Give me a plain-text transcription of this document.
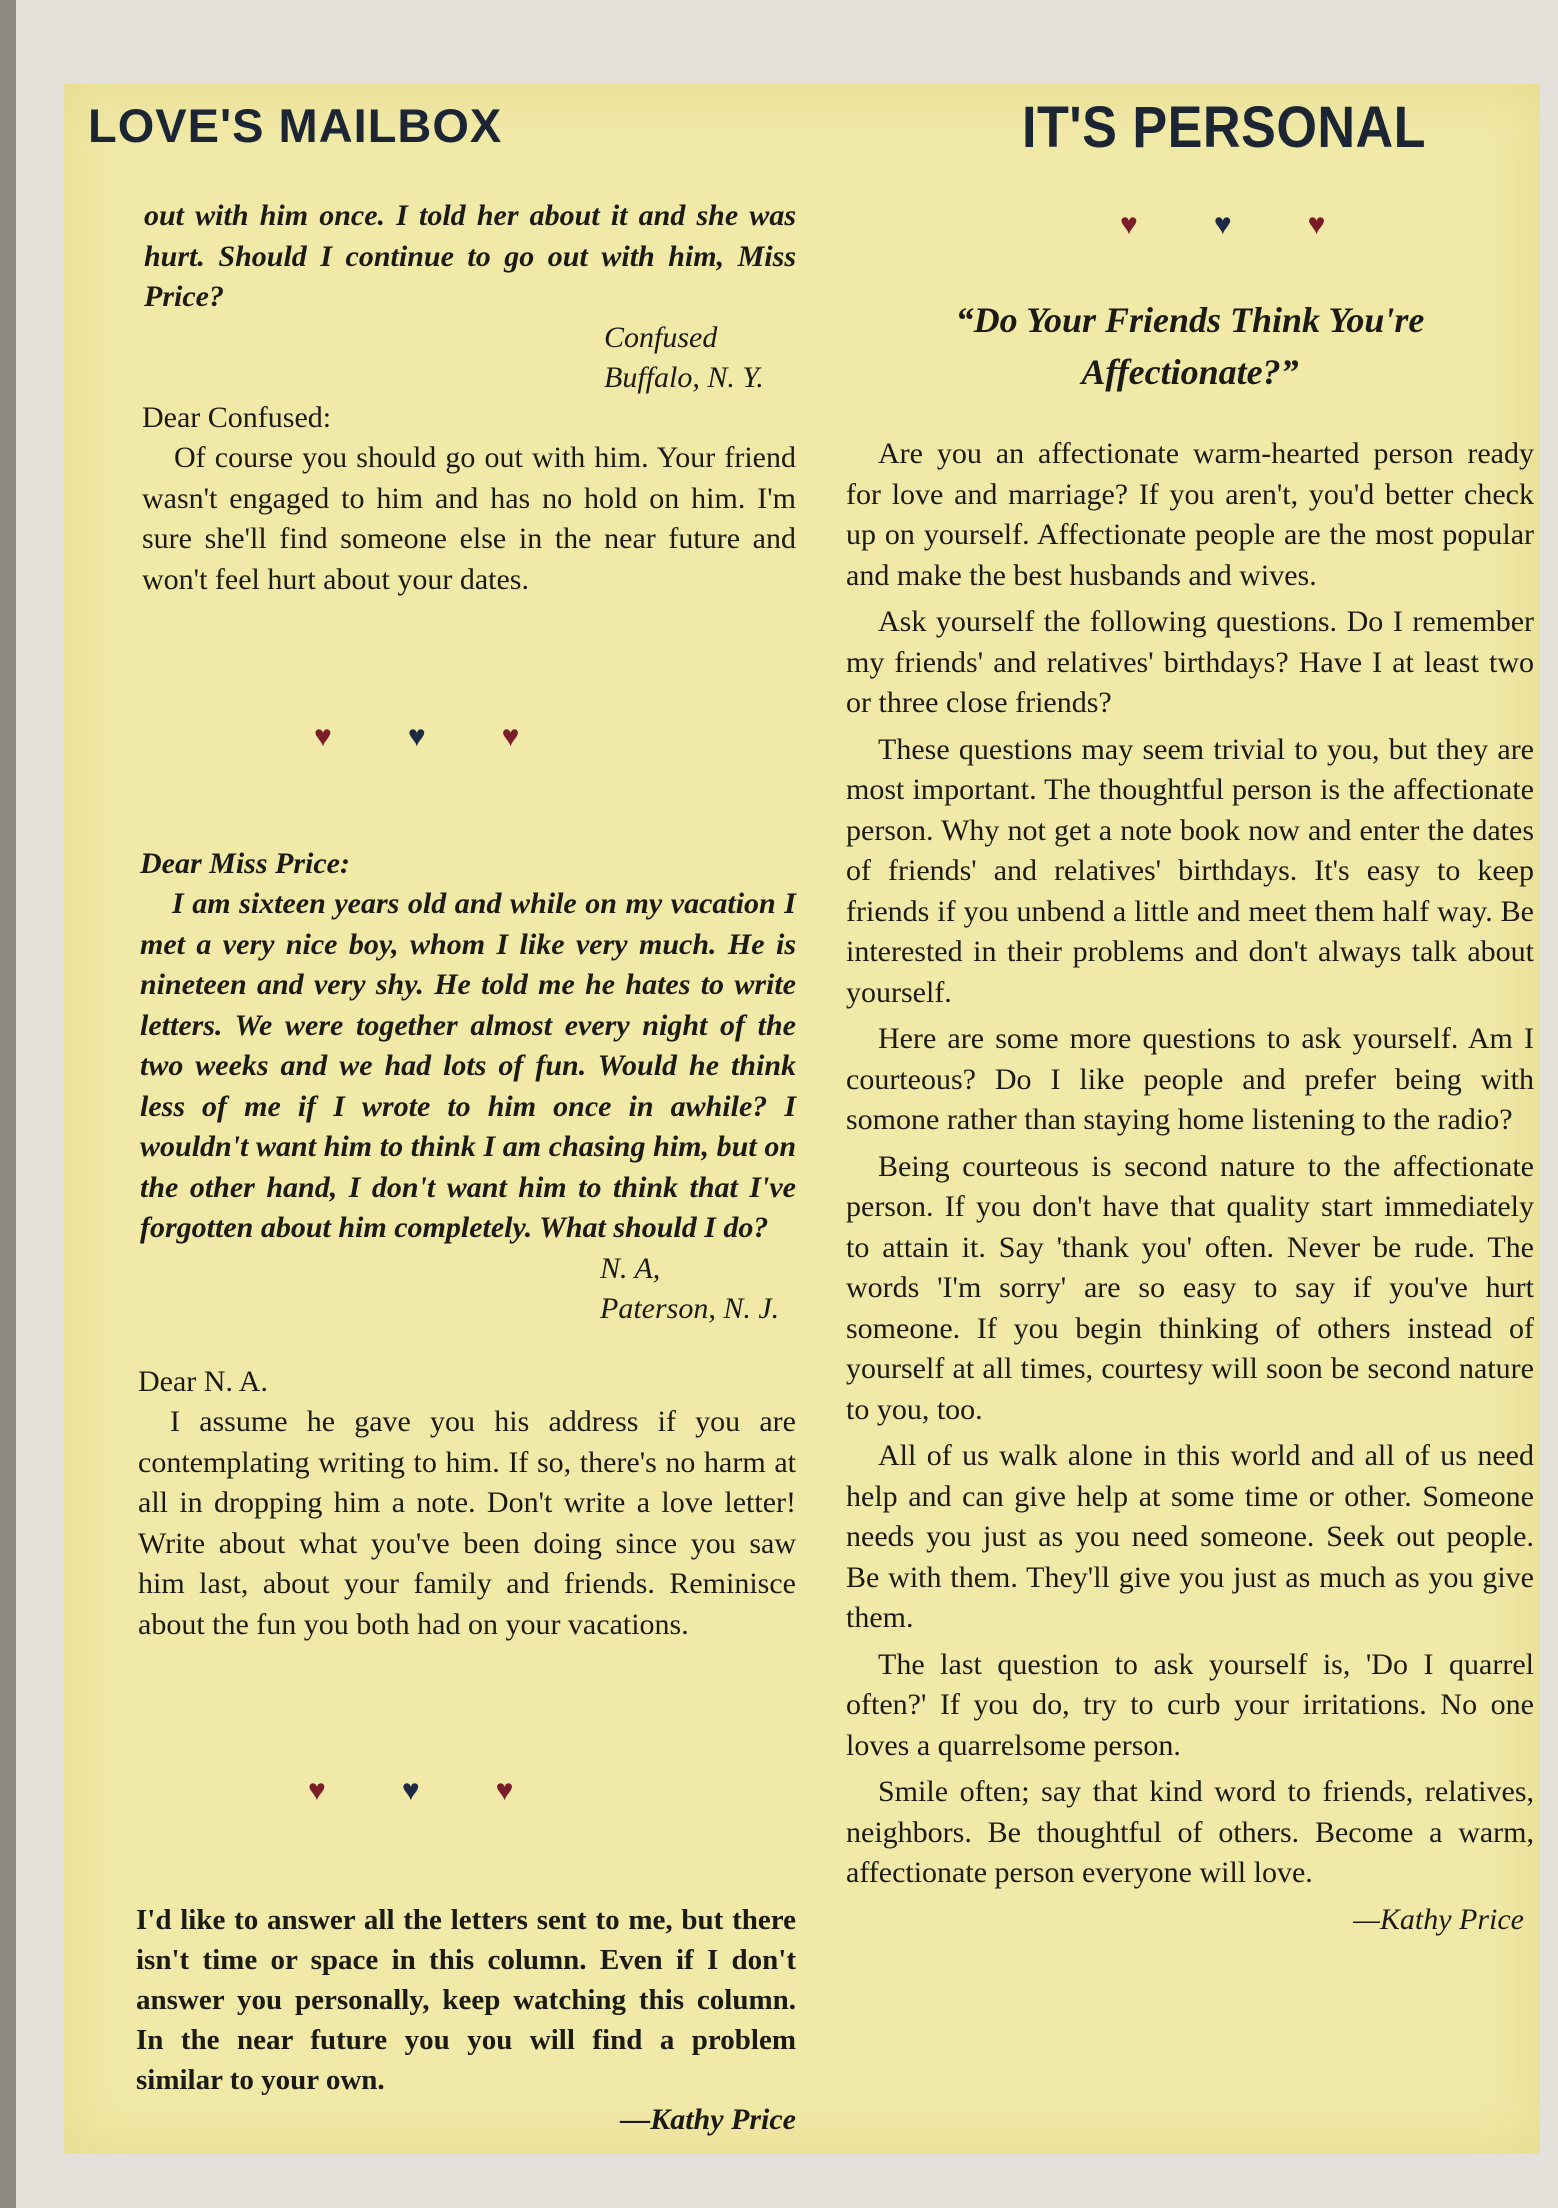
LOVE'S MAILBOX	IT'S PERSONAL

out with him once. I told her about it and she was hurt. Should I continue to go out with him, Miss Price?

Confused

Buffalo, N. Y.

Dear Confused:

Of course you should go out with him. Your friend wasn't engaged to him and has no hold on him. I'm sure she'll find someone else in the near future and won't feel hurt about your dates.

♥	♥	♥

Dear Miss Price:

I am sixteen years old and while on my vacation I met a very nice boy, whom I like very much. He is nineteen and very shy. He told me he hates to write letters. We were together almost every night of the two weeks and we had lots of fun. Would he think less of me if I wrote to him once in awhile? I wouldn't want him to think I am chasing him, but on the other hand, I don't want him to think that I've forgotten about him completely. What should I do?

N. A,

Paterson, N. J.

Dear N. A.

I assume he gave you his address if you are contemplating writing to him. If so, there's no harm at all in dropping him a note. Don't write a love letter! Write about what you've been doing since you saw him last, about your family and friends. Reminisce about the fun you both had on your vacations.

♥	♥	♥

I'd like to answer all the letters sent to me, but there isn't time or space in this column. Even if I don't answer you personally, keep watching this column. In the near future you you will find a problem similar to your own.

—Kathy Price

♥	♥	♥
“Do Your Friends Think You're Affectionate?”

Are you an affectionate warm-hearted person ready for love and marriage? If you aren't, you'd better check up on yourself. Affectionate people are the most popular and make the best husbands and wives.

Ask yourself the following questions. Do I remember my friends' and relatives' birthdays? Have I at least two or three close friends?

These questions may seem trivial to you, but they are most important. The thoughtful person is the affectionate person. Why not get a note book now and enter the dates of friends' and relatives' birthdays. It's easy to keep friends if you unbend a little and meet them half way. Be interested in their problems and don't always talk about yourself.

Here are some more questions to ask yourself. Am I courteous? Do I like people and prefer being with somone rather than staying home listening to the radio?

Being courteous is second nature to the affectionate person. If you don't have that quality start immediately to attain it. Say 'thank you' often. Never be rude. The words 'I'm sorry' are so easy to say if you've hurt someone. If you begin thinking of others instead of yourself at all times, courtesy will soon be second nature to you, too.

All of us walk alone in this world and all of us need help and can give help at some time or other. Someone needs you just as you need someone. Seek out people. Be with them. They'll give you just as much as you give them.

The last question to ask yourself is, 'Do I quarrel often?' If you do, try to curb your irritations. No one loves a quarrelsome person.

Smile often; say that kind word to friends, relatives, neighbors. Be thoughtful of others. Become a warm, affectionate person everyone will love.

—Kathy Price
